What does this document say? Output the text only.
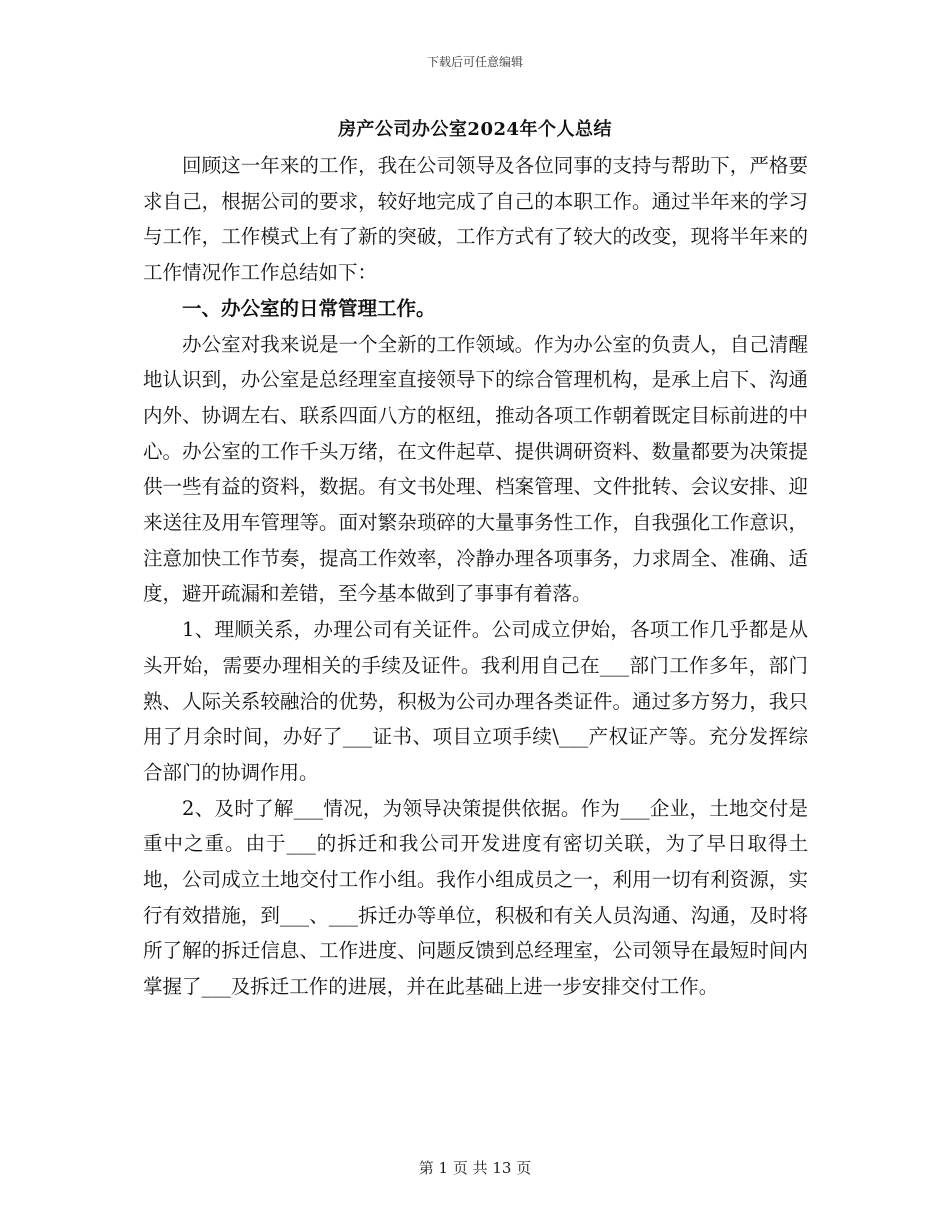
下载后可任意编辑
房产公司办公室2024年个人总结

回顾这一年来的工作，我在公司领导及各位同事的支持与帮助下，严格要求自己，根据公司的要求，较好地完成了自己的本职工作。通过半年来的学习与工作，工作模式上有了新的突破，工作方式有了较大的改变，现将半年来的工作情况作工作总结如下：

一、办公室的日常管理工作。

办公室对我来说是一个全新的工作领域。作为办公室的负责人，自己清醒地认识到，办公室是总经理室直接领导下的综合管理机构，是承上启下、沟通内外、协调左右、联系四面八方的枢纽，推动各项工作朝着既定目标前进的中心。办公室的工作千头万绪，在文件起草、提供调研资料、数量都要为决策提供一些有益的资料，数据。有文书处理、档案管理、文件批转、会议安排、迎来送往及用车管理等。面对繁杂琐碎的大量事务性工作，自我强化工作意识，注意加快工作节奏，提高工作效率，冷静办理各项事务，力求周全、准确、适度，避开疏漏和差错，至今基本做到了事事有着落。

1、理顺关系，办理公司有关证件。公司成立伊始，各项工作几乎都是从头开始，需要办理相关的手续及证件。我利用自己在___部门工作多年，部门熟、人际关系较融洽的优势，积极为公司办理各类证件。通过多方努力，我只用了月余时间，办好了___证书、项目立项手续\___产权证产等。充分发挥综合部门的协调作用。

2、及时了解___情况，为领导决策提供依据。作为___企业，土地交付是重中之重。由于___的拆迁和我公司开发进度有密切关联，为了早日取得土地，公司成立土地交付工作小组。我作小组成员之一，利用一切有利资源，实行有效措施，到___、___拆迁办等单位，积极和有关人员沟通、沟通，及时将所了解的拆迁信息、工作进度、问题反馈到总经理室，公司领导在最短时间内掌握了___及拆迁工作的进展，并在此基础上进一步安排交付工作。

第 1 页 共 13 页
